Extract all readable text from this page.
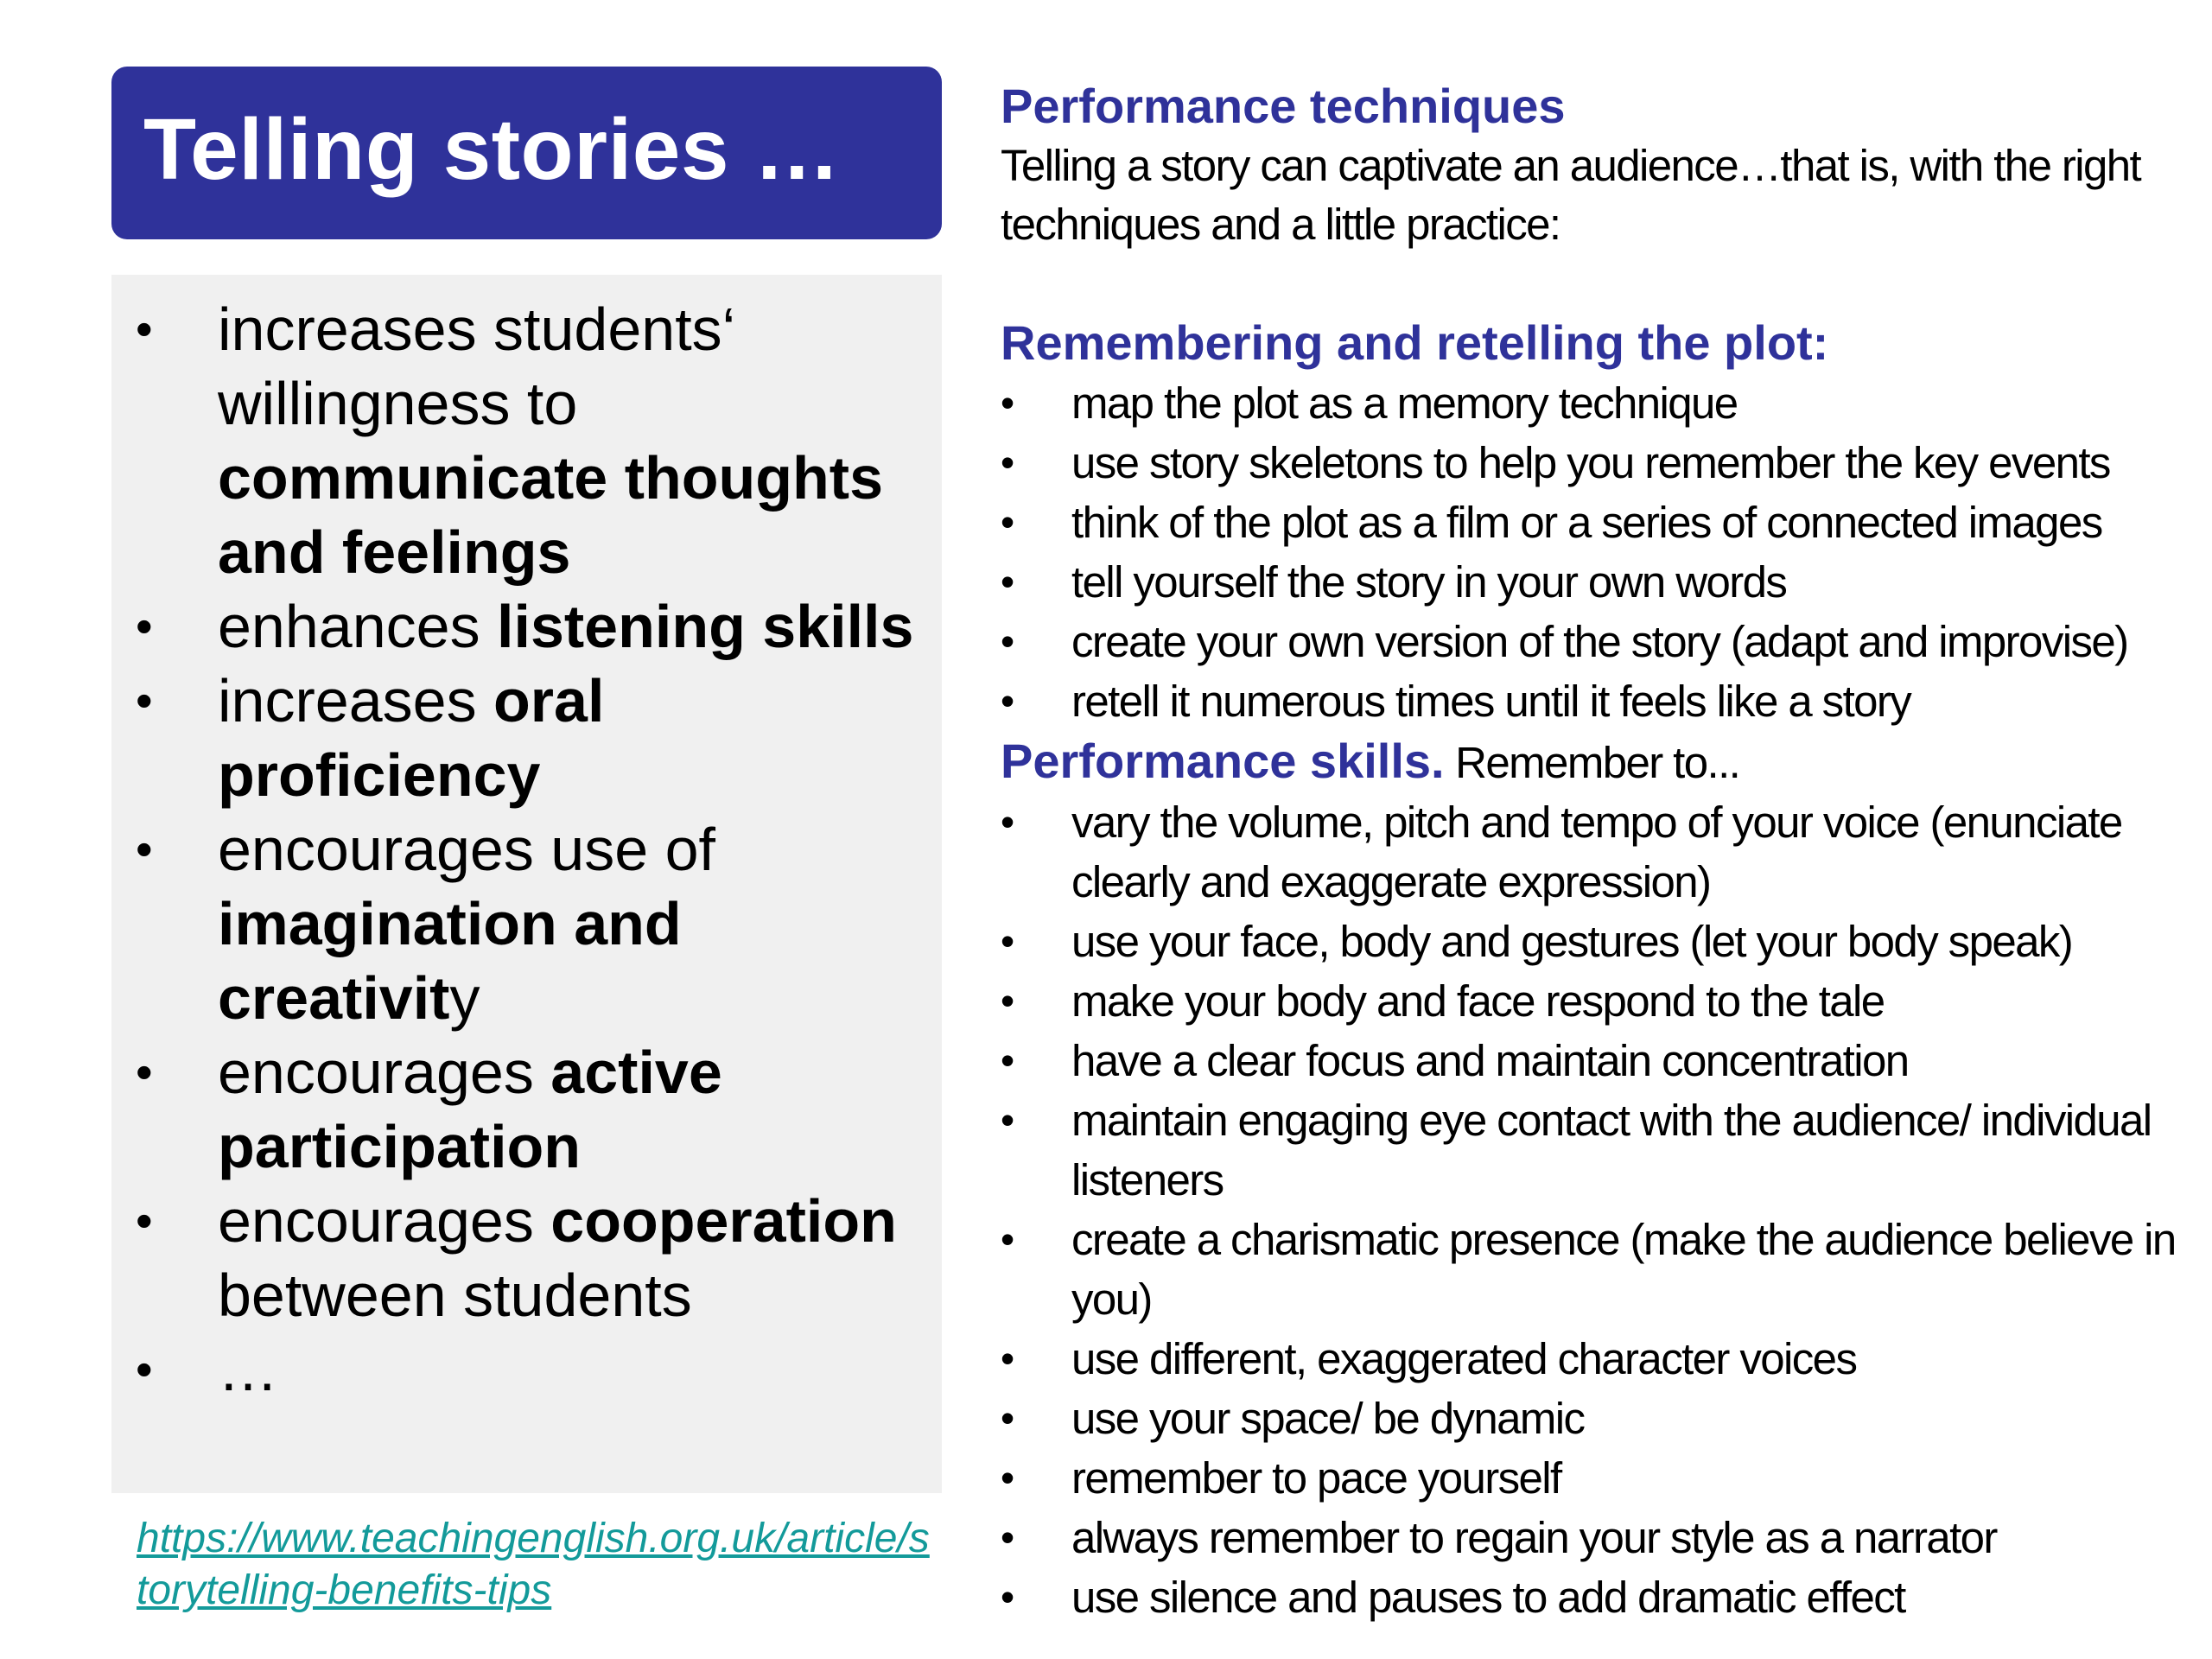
Telling stories …
• increases students‘ willingness to communicate thoughts and feelings
• enhances listening skills
• increases oral proficiency
• encourages use of imagination and creativity
• encourages active participation
• encourages cooperation between students
• …
https://www.teachingenglish.org.uk/article/storytelling-benefits-tips
Performance techniques
Telling a story can captivate an audience…that is, with the right techniques and a little practice:
Remembering and retelling the plot:
• map the plot as a memory technique
• use story skeletons to help you remember the key events
• think of the plot as a film or a series of connected images
• tell yourself the story in your own words
• create your own version of the story (adapt and improvise)
• retell it numerous times until it feels like a story
Performance skills. Remember to...
• vary the volume, pitch and tempo of your voice (enunciate clearly and exaggerate expression)
• use your face, body and gestures (let your body speak)
• make your body and face respond to the tale
• have a clear focus and maintain concentration
• maintain engaging eye contact with the audience/ individual listeners
• create a charismatic presence (make the audience believe in you)
• use different, exaggerated character voices
• use your space/ be dynamic
• remember to pace yourself
• always remember to regain your style as a narrator
• use silence and pauses to add dramatic effect
